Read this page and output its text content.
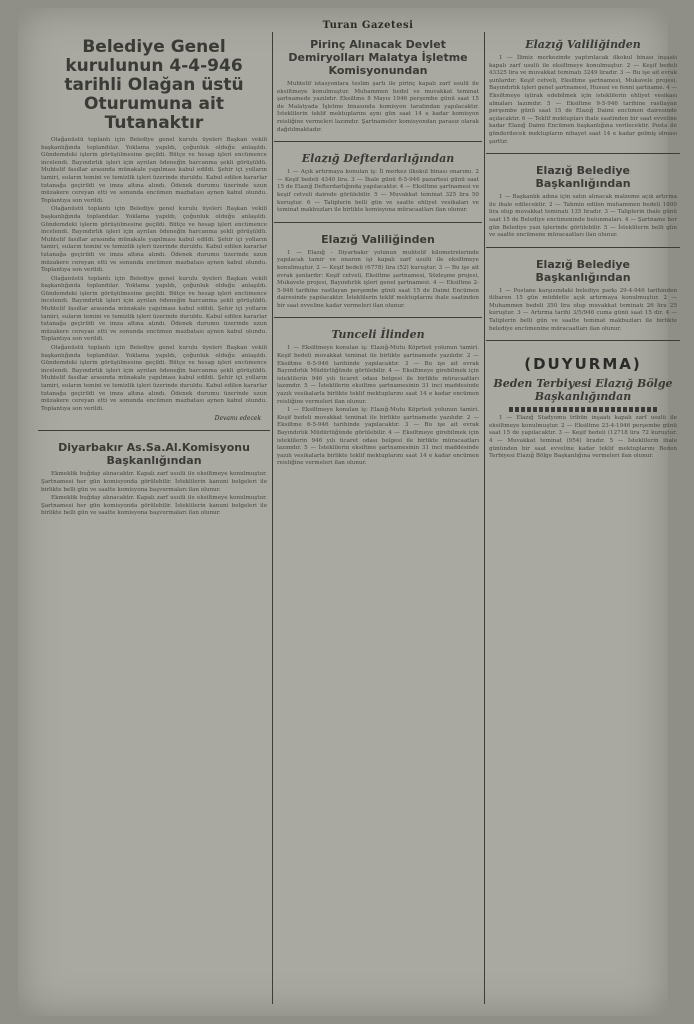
Turan Gazetesi
Belediye Genel kurulunun 4-4-946 tarihli Olağan üstü Oturumuna ait Tutanaktır

Olağanüstü toplantı için Belediye genel kurulu üyeleri Başkan vekili başkanlığında toplandılar. Yoklama yapıldı, çoğunluk olduğu anlaşıldı. Gündemdeki işlerin görüşülmesine geçildi. Bütçe ve hesap işleri encümence incelendi. Bayındırlık işleri için ayrılan ödeneğin harcanma şekli görüşüldü. Muhtelif fasıllar arasında münakale yapılması kabul edildi. Şehir içi yolların tamiri, suların temini ve temizlik işleri üzerinde duruldu. Kabul edilen kararlar tutanağa geçirildi ve imza altına alındı. Ödenek durumu üzerinde uzun müzakere cereyan etti ve sonunda encümen mazbatası aynen kabul olundu. Toplantıya son verildi.

Olağanüstü toplantı için Belediye genel kurulu üyeleri Başkan vekili başkanlığında toplandılar. Yoklama yapıldı, çoğunluk olduğu anlaşıldı. Gündemdeki işlerin görüşülmesine geçildi. Bütçe ve hesap işleri encümence incelendi. Bayındırlık işleri için ayrılan ödeneğin harcanma şekli görüşüldü. Muhtelif fasıllar arasında münakale yapılması kabul edildi. Şehir içi yolların tamiri, suların temini ve temizlik işleri üzerinde duruldu. Kabul edilen kararlar tutanağa geçirildi ve imza altına alındı. Ödenek durumu üzerinde uzun müzakere cereyan etti ve sonunda encümen mazbatası aynen kabul olundu. Toplantıya son verildi.

Olağanüstü toplantı için Belediye genel kurulu üyeleri Başkan vekili başkanlığında toplandılar. Yoklama yapıldı, çoğunluk olduğu anlaşıldı. Gündemdeki işlerin görüşülmesine geçildi. Bütçe ve hesap işleri encümence incelendi. Bayındırlık işleri için ayrılan ödeneğin harcanma şekli görüşüldü. Muhtelif fasıllar arasında münakale yapılması kabul edildi. Şehir içi yolların tamiri, suların temini ve temizlik işleri üzerinde duruldu. Kabul edilen kararlar tutanağa geçirildi ve imza altına alındı. Ödenek durumu üzerinde uzun müzakere cereyan etti ve sonunda encümen mazbatası aynen kabul olundu. Toplantıya son verildi.

Olağanüstü toplantı için Belediye genel kurulu üyeleri Başkan vekili başkanlığında toplandılar. Yoklama yapıldı, çoğunluk olduğu anlaşıldı. Gündemdeki işlerin görüşülmesine geçildi. Bütçe ve hesap işleri encümence incelendi. Bayındırlık işleri için ayrılan ödeneğin harcanma şekli görüşüldü. Muhtelif fasıllar arasında münakale yapılması kabul edildi. Şehir içi yolların tamiri, suların temini ve temizlik işleri üzerinde duruldu. Kabul edilen kararlar tutanağa geçirildi ve imza altına alındı. Ödenek durumu üzerinde uzun müzakere cereyan etti ve sonunda encümen mazbatası aynen kabul olundu. Toplantıya son verildi.

Devamı edecek
Diyarbakır As.Sa.Al.Komisyonu Başkanlığından

Ekmeklik buğday alınacaktır. Kapalı zarf usulü ile eksiltmeye konulmuştur. Şartnamesi her gün komisyonda görülebilir. İsteklilerin kanuni belgeleri ile birlikte belli gün ve saatte komisyona başvurmaları ilan olunur.

Ekmeklik buğday alınacaktır. Kapalı zarf usulü ile eksiltmeye konulmuştur. Şartnamesi her gün komisyonda görülebilir. İsteklilerin kanuni belgeleri ile birlikte belli gün ve saatte komisyona başvurmaları ilan olunur.

Pirinç Alınacak Devlet Demiryolları Malatya İşletme Komisyonundan

Muhtelif istasyonlara teslim şartı ile pirinç kapalı zarf usulü ile eksiltmeye konulmuştur. Muhammen bedel ve muvakkat teminat şartnamede yazılıdır. Eksiltme 8 Mayıs 1946 perşembe günü saat 15 de Malatyada İşletme binasında komisyon tarafından yapılacaktır. İsteklilerin teklif mektuplarını aynı gün saat 14 e kadar komisyon reisliğine vermeleri lazımdır. Şartnameler komisyondan parasız olarak dağıtılmaktadır.

Elazığ Defterdarlığından

1 — Açık artırmaya konulan iş: İl merkez ilkokul binası onarımı. 2 — Keşif bedeli 4340 lira. 3 — İhale günü 6-5-946 pazartesi günü saat 15 de Elazığ Defterdarlığında yapılacaktır. 4 — Eksiltme şartnamesi ve keşif cetveli dairede görülebilir. 5 — Muvakkat teminat 325 lira 50 kuruştur. 6 — Taliplerin belli gün ve saatte ehliyet vesikaları ve teminat makbuzları ile birlikte komisyona müracaatları ilan olunur.

Elazığ Valiliğinden

1 — Elazığ - Diyarbakır yolunun muhtelif kilometrelerinde yapılacak tamir ve onarım işi kapalı zarf usulü ile eksiltmeye konulmuştur. 2 — Keşif bedeli (6778) lira (52) kuruştur. 3 — Bu işe ait evrak şunlardır: Keşif cetveli, Eksiltme şartnamesi, Sözleşme projesi, Mukavele projesi, Bayındırlık işleri genel şartnamesi. 4 — Eksiltme 2-5-946 tarihine rastlayan perşembe günü saat 15 de Daimi Encümen dairesinde yapılacaktır. İsteklilerin teklif mektuplarını ihale saatinden bir saat evveline kadar vermeleri ilan olunur.

Tunceli İlinden

1 — Eksiltmeye konulan iş: Elazığ-Mutu Köprüsü yolunun tamiri. Keşif bedeli muvakkat teminat ile birlikte şartnamede yazılıdır. 2 — Eksiltme 6-5-946 tarihinde yapılacaktır. 3 — Bu işe ait evrak Bayındırlık Müdürlüğünde görülebilir. 4 — Eksiltmeye girebilmek için isteklilerin 946 yılı ticaret odası belgesi ile birlikte müracaatları lazımdır. 5 — İsteklilerin eksiltme şartnamesinin 31 inci maddesinde yazılı vesikalarla birlikte teklif mektuplarını saat 14 e kadar encümen reisliğine vermeleri ilan olunur.

1 — Eksiltmeye konulan iş: Elazığ-Mutu Köprüsü yolunun tamiri. Keşif bedeli muvakkat teminat ile birlikte şartnamede yazılıdır. 2 — Eksiltme 6-5-946 tarihinde yapılacaktır. 3 — Bu işe ait evrak Bayındırlık Müdürlüğünde görülebilir. 4 — Eksiltmeye girebilmek için isteklilerin 946 yılı ticaret odası belgesi ile birlikte müracaatları lazımdır. 5 — İsteklilerin eksiltme şartnamesinin 31 inci maddesinde yazılı vesikalarla birlikte teklif mektuplarını saat 14 e kadar encümen reisliğine vermeleri ilan olunur.

Elazığ Valiliğinden

1 — İlimiz merkezinde yaptırılacak ilkokul binası inşaatı kapalı zarf usulü ile eksiltmeye konulmuştur. 2 — Keşif bedeli 43325 lira ve muvakkat teminatı 3249 liradır. 3 — Bu işe ait evrak şunlardır: Keşif cetveli, Eksiltme şartnamesi, Mukavele projesi, Bayındırlık işleri genel şartnamesi, Hususi ve fenni şartname. 4 — Eksiltmeye iştirak edebilmek için isteklilerin ehliyet vesikası almaları lazımdır. 5 — Eksiltme 9-5-946 tarihine rastlayan perşembe günü saat 15 de Elazığ Daimi encümen dairesinde açılacaktır. 6 — Teklif mektupları ihale saatinden bir saat evveline kadar Elazığ Daimi Encümen başkanlığına verilecektir. Posta ile gönderilecek mektupların nihayet saat 14 e kadar gelmiş olması şarttır.

Elazığ Belediye Başkanlığından

1 — Başkanlık adına için satın alınacak malzeme açık artırma ile ihale edilecektir. 2 — Tahmin edilen muhammen bedeli 1800 lira olup muvakkat teminatı 135 liradır. 3 — Taliplerin ihale günü saat 15 de Belediye encümeninde bulunmaları. 4 — Şartname her gün Belediye yazı işlerinde görülebilir. 5 — İsteklilerin belli gün ve saatte encümene müracaatları ilan olunur.

Elazığ Belediye Başkanlığından

1 — Postane karşısındaki belediye parkı 29-4-946 tarihinden itibaren 15 gün müddetle açık artırmaya konulmuştur. 2 — Muhammen bedeli 350 lira olup muvakkat teminatı 26 lira 25 kuruştur. 3 — Artırma tarihi 3/5/946 cuma günü saat 15 dir. 4 — Taliplerin belli gün ve saatte teminat makbuzları ile birlikte belediye encümenine müracaatları ilan olunur.

(DUYURMA)
Beden Terbiyesi Elazığ Bölge Başkanlığından

1 — Elazığ Stadyomu tribün inşaatı kapalı zarf usulü ile eksiltmeye konulmuştur. 2 — Eksiltme 23-4-1946 perşembe günü saat 15 de yapılacaktır. 3 — Keşif bedeli (12718 lira 72 kuruştur. 4 — Muvakkat teminat (954) liradır. 5 — İsteklilerin ihale gününden bir saat evveline kadar teklif mektuplarını Beden Terbiyesi Elazığ Bölge Başkanlığına vermeleri ilan olunur.
